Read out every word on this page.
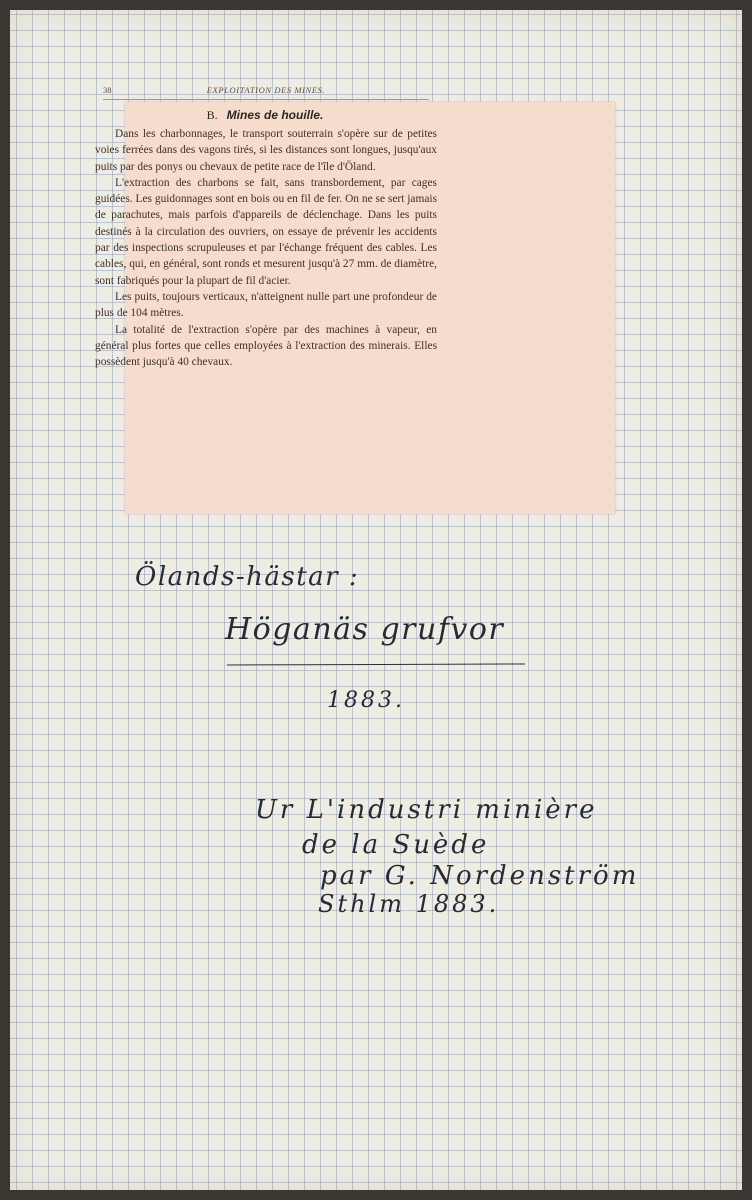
38	EXPLOITATION DES MINES.
B. Mines de houille.

Dans les charbonnages, le transport souterrain s'opère sur de petites voies ferrées dans des vagons tirés, si les distances sont longues, jusqu'aux puits par des ponys ou chevaux de petite race de l'île d'Öland.

L'extraction des charbons se fait, sans transbordement, par cages guidées. Les guidonnages sont en bois ou en fil de fer. On ne se sert jamais de parachutes, mais parfois d'appareils de déclenchage. Dans les puits destinés à la circulation des ouvriers, on essaye de prévenir les accidents par des inspections scrupuleuses et par l'échange fréquent des cables. Les cables, qui, en général, sont ronds et mesurent jusqu'à 27 mm. de diamètre, sont fabriqués pour la plupart de fil d'acier.

Les puits, toujours verticaux, n'atteignent nulle part une profondeur de plus de 104 mètres.

La totalité de l'extraction s'opère par des machines à vapeur, en général plus fortes que celles employées à l'extraction des minerais. Elles possèdent jusqu'à 40 chevaux.

Ölands-hästar :
Höganäs grufvor
1883.
Ur L'industri minière
de la Suède
par G. Nordenström
Sthlm 1883.
